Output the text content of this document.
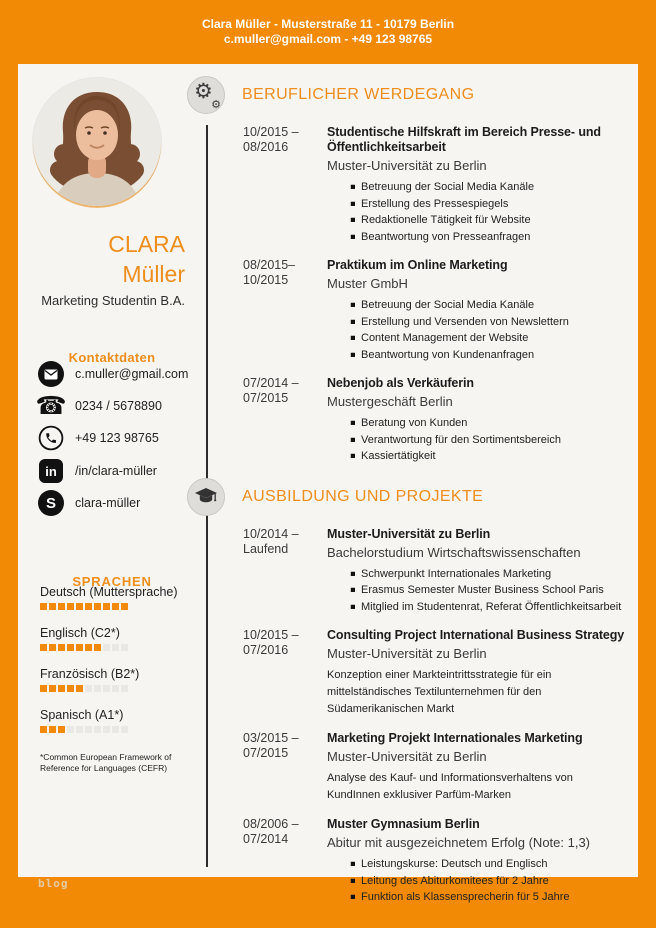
Clara Müller - Musterstraße 11 - 10179 Berlin
c.muller@gmail.com - +49 123 98765
CLARA
Müller
Marketing Studentin B.A.
Kontaktdaten
c.muller@gmail.com
☎ 0234 / 5678890
+49 123 98765
in	/in/clara-müller
S	clara-müller
SPRACHEN
Deutsch (Muttersprache)
Englisch (C2*)
Französisch (B2*)
Spanisch (A1*)
*Common European Framework of Reference for Languages (CEFR)
⚙
⚙
BERUFLICHER WERDEGANG
10/2015 –
08/2016
Studentische Hilfskraft im Bereich Presse- und Öffentlichkeitsarbeit
Muster-Universität zu Berlin
▪ Betreuung der Social Media Kanäle
▪ Erstellung des Pressespiegels
▪ Redaktionelle Tätigkeit für Website
▪ Beantwortung von Presseanfragen
08/2015–
10/2015
Praktikum im Online Marketing
Muster GmbH
▪ Betreuung der Social Media Kanäle
▪ Erstellung und Versenden von Newslettern
▪ Content Management der Website
▪ Beantwortung von Kundenanfragen
07/2014 –
07/2015
Nebenjob als Verkäuferin
Mustergeschäft Berlin
▪ Beratung von Kunden
▪ Verantwortung für den Sortimentsbereich
▪ Kassiertätigkeit
AUSBILDUNG UND PROJEKTE
10/2014 –
Laufend
Muster-Universität zu Berlin
Bachelorstudium Wirtschaftswissenschaften
▪ Schwerpunkt Internationales Marketing
▪ Erasmus Semester Muster Business School Paris
▪ Mitglied im Studentenrat, Referat Öffentlichkeitsarbeit
10/2015 –
07/2016
Consulting Project International Business Strategy
Muster-Universität zu Berlin
Konzeption einer Markteintrittsstrategie für ein mittelständisches Textilunternehmen für den Südamerikanischen Markt
03/2015 –
07/2015
Marketing Projekt Internationales Marketing
Muster-Universität zu Berlin
Analyse des Kauf- und Informationsverhaltens von KundInnen exklusiver Parfüm-Marken
08/2006 –
07/2014
Muster Gymnasium Berlin
Abitur mit ausgezeichnetem Erfolg (Note: 1,3)
▪ Leistungskurse: Deutsch und Englisch
▪ Leitung des Abiturkomitees für 2 Jahre
▪ Funktion als Klassensprecherin für 5 Jahre
blog
